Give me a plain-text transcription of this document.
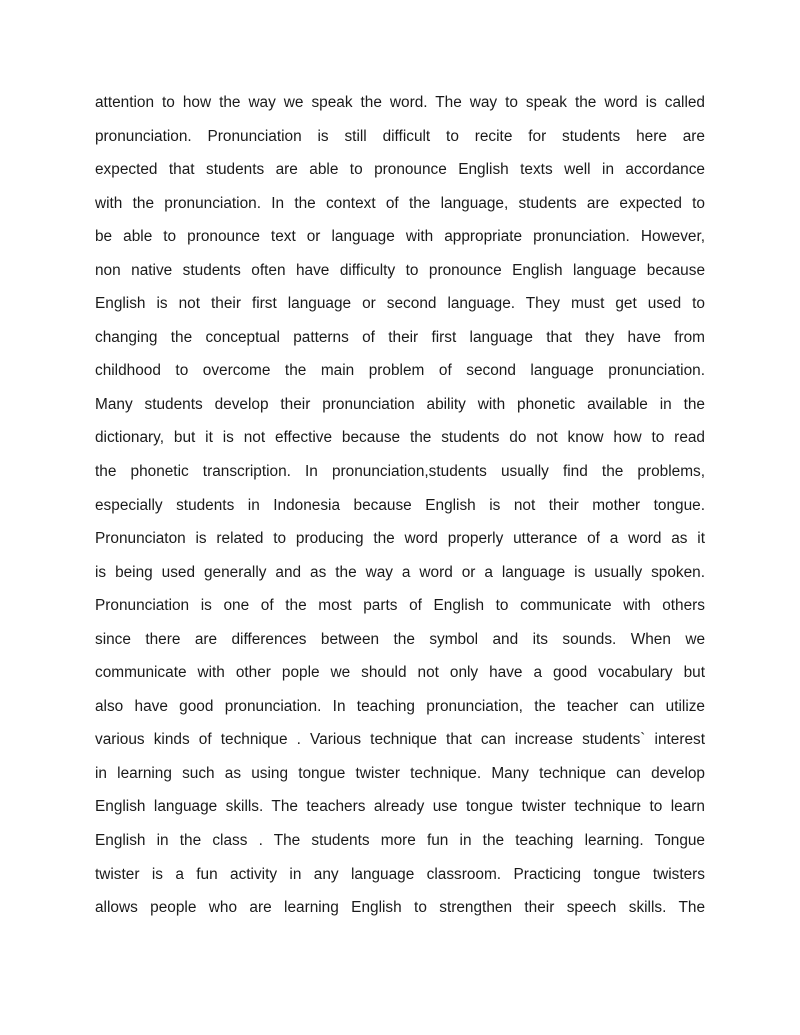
attention to how the way we speak the word. The way to speak the word is called
pronunciation. Pronunciation is still difficult to recite for students here are
expected that students are able to pronounce English texts well in accordance
with the pronunciation. In the context of the language, students are expected to
be able to pronounce text or language with appropriate pronunciation. However,
non native students often have difficulty to pronounce English language because
English is not their first language or second language. They must get used to
changing the conceptual patterns of their first language that they have from
childhood to overcome the main problem of second language pronunciation.
Many students develop their pronunciation ability with phonetic available in the
dictionary, but it is not effective because the students do not know how to read
the phonetic transcription. In pronunciation,students usually find the problems,
especially students in Indonesia because English is not their mother tongue.
Pronunciaton is related to producing the word properly utterance of a word as it
is being used generally and as the way a word or a language is usually spoken.
Pronunciation is one of the most parts of English to communicate with others
since there are differences between the symbol and its sounds. When we
communicate with other pople we should not only have a good vocabulary but
also have good pronunciation. In teaching pronunciation, the teacher can utilize
various kinds of technique . Various technique that can increase students` interest
in learning such as using tongue twister technique. Many technique can develop
English language skills. The teachers already use tongue twister technique to learn
English in the class . The students more fun in the teaching learning. Tongue
twister is a fun activity in any language classroom. Practicing tongue twisters
allows people who are learning English to strengthen their speech skills. The
